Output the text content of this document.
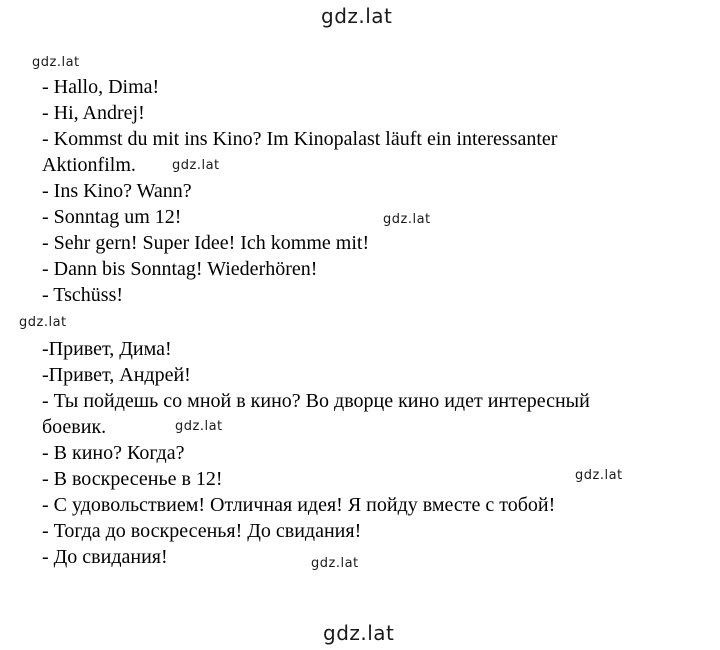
gdz.lat
- Hallo, Dima!
- Hi, Andrej!
- Kommst du mit ins Kino? Im Kinopalast läuft ein interessanter
Aktionfilm.
- Ins Kino? Wann?
- Sonntag um 12!
- Sehr gern! Super Idee! Ich komme mit!
- Dann bis Sonntag! Wiederhören!
- Tschüss!
-Привет, Дима!
-Привет, Андрей!
- Ты пойдешь со мной в кино? Во дворце кино идет интересный
боевик.
- В кино? Когда?
- В воскресенье в 12!
- С удовольствием! Отличная идея! Я пойду вместе с тобой!
- Тогда до воскресенья! До свидания!
- До свидания!
gdz.lat
gdz.lat
gdz.lat
gdz.lat
gdz.lat
gdz.lat
gdz.lat
gdz.lat
